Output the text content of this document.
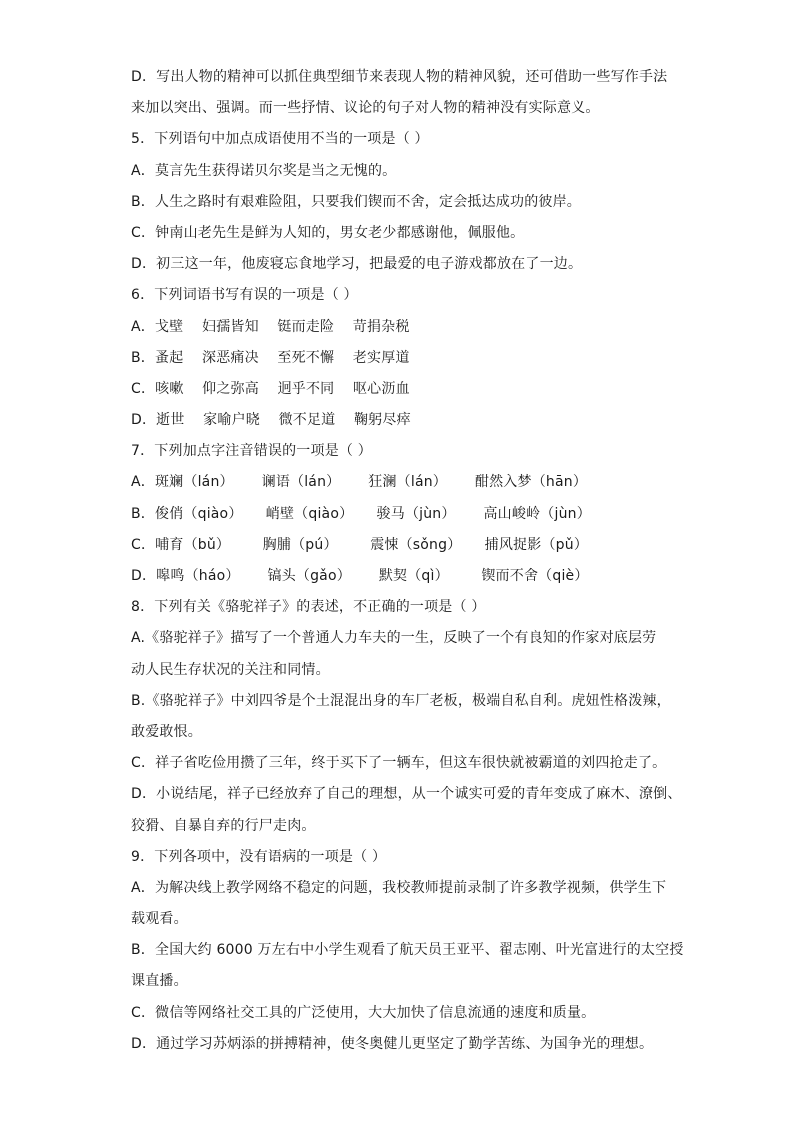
D．写出人物的精神可以抓住典型细节来表现人物的精神风貌，还可借助一些写作手法
来加以突出、强调。而一些抒情、议论的句子对人物的精神没有实际意义。
5．下列语句中加点成语使用不当的一项是（ ）
A．莫言先生获得诺贝尔奖是当之无愧的。
B．人生之路时有艰难险阻，只要我们锲而不舍，定会抵达成功的彼岸。
C．钟南山老先生是鲜为人知的，男女老少都感谢他，佩服他。
D．初三这一年，他废寝忘食地学习，把最爱的电子游戏都放在了一边。
6．下列词语书写有误的一项是（ ）
A．戈壁    妇孺皆知    铤而走险    苛捐杂税
B．蚤起    深恶痛决    至死不懈    老实厚道
C．咳嗽    仰之弥高    迥乎不同    呕心沥血
D．逝世    家喻户晓    微不足道    鞠躬尽瘁
7．下列加点字注音错误的一项是（ ）
A．斑斓（lán）      谰语（lán）      狂澜（lán）      酣然入梦（hān）
B．俊俏（qiào）     峭壁（qiào）     骏马（jùn）      高山峻岭（jùn）
C．哺育（bǔ）       胸脯（pú）       震悚（sǒng）     捕风捉影（pǔ）
D．嗥鸣（háo）      镐头（gǎo）      默契（qì）       锲而不舍（qiè）
8．下列有关《骆驼祥子》的表述，不正确的一项是（ ）
A.《骆驼祥子》描写了一个普通人力车夫的一生，反映了一个有良知的作家对底层劳
动人民生存状况的关注和同情。
B.《骆驼祥子》中刘四爷是个土混混出身的车厂老板，极端自私自利。虎妞性格泼辣，
敢爱敢恨。
C．祥子省吃俭用攒了三年，终于买下了一辆车，但这车很快就被霸道的刘四抢走了。
D．小说结尾，祥子已经放弃了自己的理想，从一个诚实可爱的青年变成了麻木、潦倒、
狡猾、自暴自弃的行尸走肉。
9．下列各项中，没有语病的一项是（ ）
A．为解决线上教学网络不稳定的问题，我校教师提前录制了许多教学视频，供学生下
载观看。
B．全国大约 6000 万左右中小学生观看了航天员王亚平、翟志刚、叶光富进行的太空授
课直播。
C．微信等网络社交工具的广泛使用，大大加快了信息流通的速度和质量。
D．通过学习苏炳添的拼搏精神，使冬奥健儿更坚定了勤学苦练、为国争光的理想。
